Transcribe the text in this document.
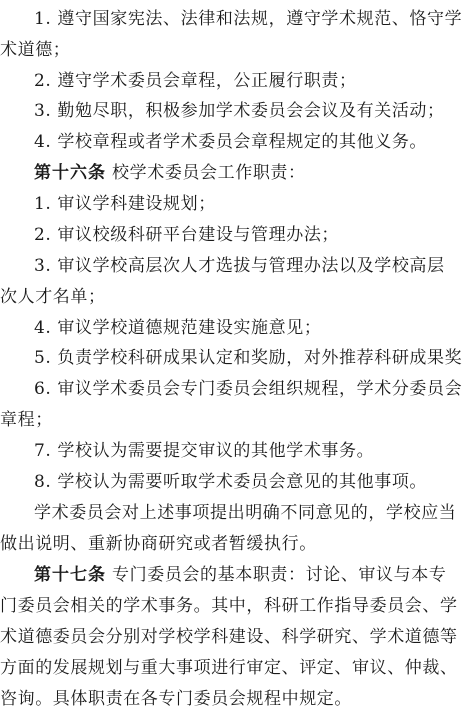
1. 遵守国家宪法、法律和法规，遵守学术规范、恪守学
术道德；
2. 遵守学术委员会章程，公正履行职责；
3. 勤勉尽职，积极参加学术委员会会议及有关活动；
4. 学校章程或者学术委员会章程规定的其他义务。
第十六条 校学术委员会工作职责：
1. 审议学科建设规划；
2. 审议校级科研平台建设与管理办法；
3. 审议学校高层次人才选拔与管理办法以及学校高层
次人才名单；
4. 审议学校道德规范建设实施意见；
5. 负责学校科研成果认定和奖励，对外推荐科研成果奖
6. 审议学术委员会专门委员会组织规程，学术分委员会
章程；
7. 学校认为需要提交审议的其他学术事务。
8. 学校认为需要听取学术委员会意见的其他事项。
学术委员会对上述事项提出明确不同意见的，学校应当
做出说明、重新协商研究或者暂缓执行。
第十七条 专门委员会的基本职责：讨论、审议与本专
门委员会相关的学术事务。其中，科研工作指导委员会、学
术道德委员会分别对学校学科建设、科学研究、学术道德等
方面的发展规划与重大事项进行审定、评定、审议、仲裁、
咨询。具体职责在各专门委员会规程中规定。
